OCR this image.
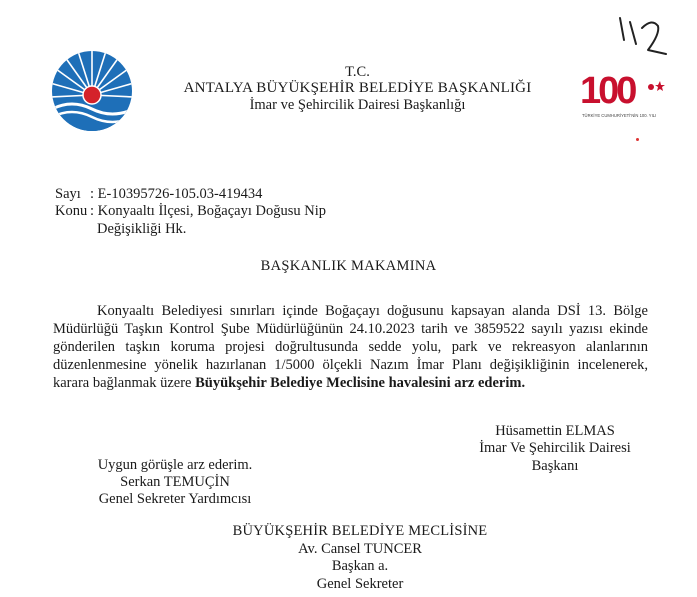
T.C.
ANTALYA BÜYÜKŞEHİR BELEDİYE BAŞKANLIĞI
İmar ve Şehircilik Dairesi Başkanlığı	100
TÜRKİYE CUMHURİYETİ'NİN 100. YILI
Sayı : E-10395726-105.03-419434
Konu : Konyaaltı İlçesi, Boğaçayı Doğusu Nip
Değişikliği Hk.
BAŞKANLIK MAKAMINA
Konyaaltı Belediyesi sınırları içinde Boğaçayı doğusunu kapsayan alanda DSİ 13. Bölge Müdürlüğü Taşkın Kontrol Şube Müdürlüğünün 24.10.2023 tarih ve 3859522 sayılı yazısı ekinde gönderilen taşkın koruma projesi doğrultusunda sedde yolu, park ve rekreasyon alanlarının düzenlenmesine yönelik hazırlanan 1/5000 ölçekli Nazım İmar Planı değişikliğinin incelenerek, karara bağlanmak üzere Büyükşehir Belediye Meclisine havalesini arz ederim.
Hüsamettin ELMAS
İmar Ve Şehircilik Dairesi Başkanı
Uygun görüşle arz ederim.
Serkan TEMUÇİN
Genel Sekreter Yardımcısı
BÜYÜKŞEHİR BELEDİYE MECLİSİNE
Av. Cansel TUNCER
Başkan a.
Genel Sekreter
